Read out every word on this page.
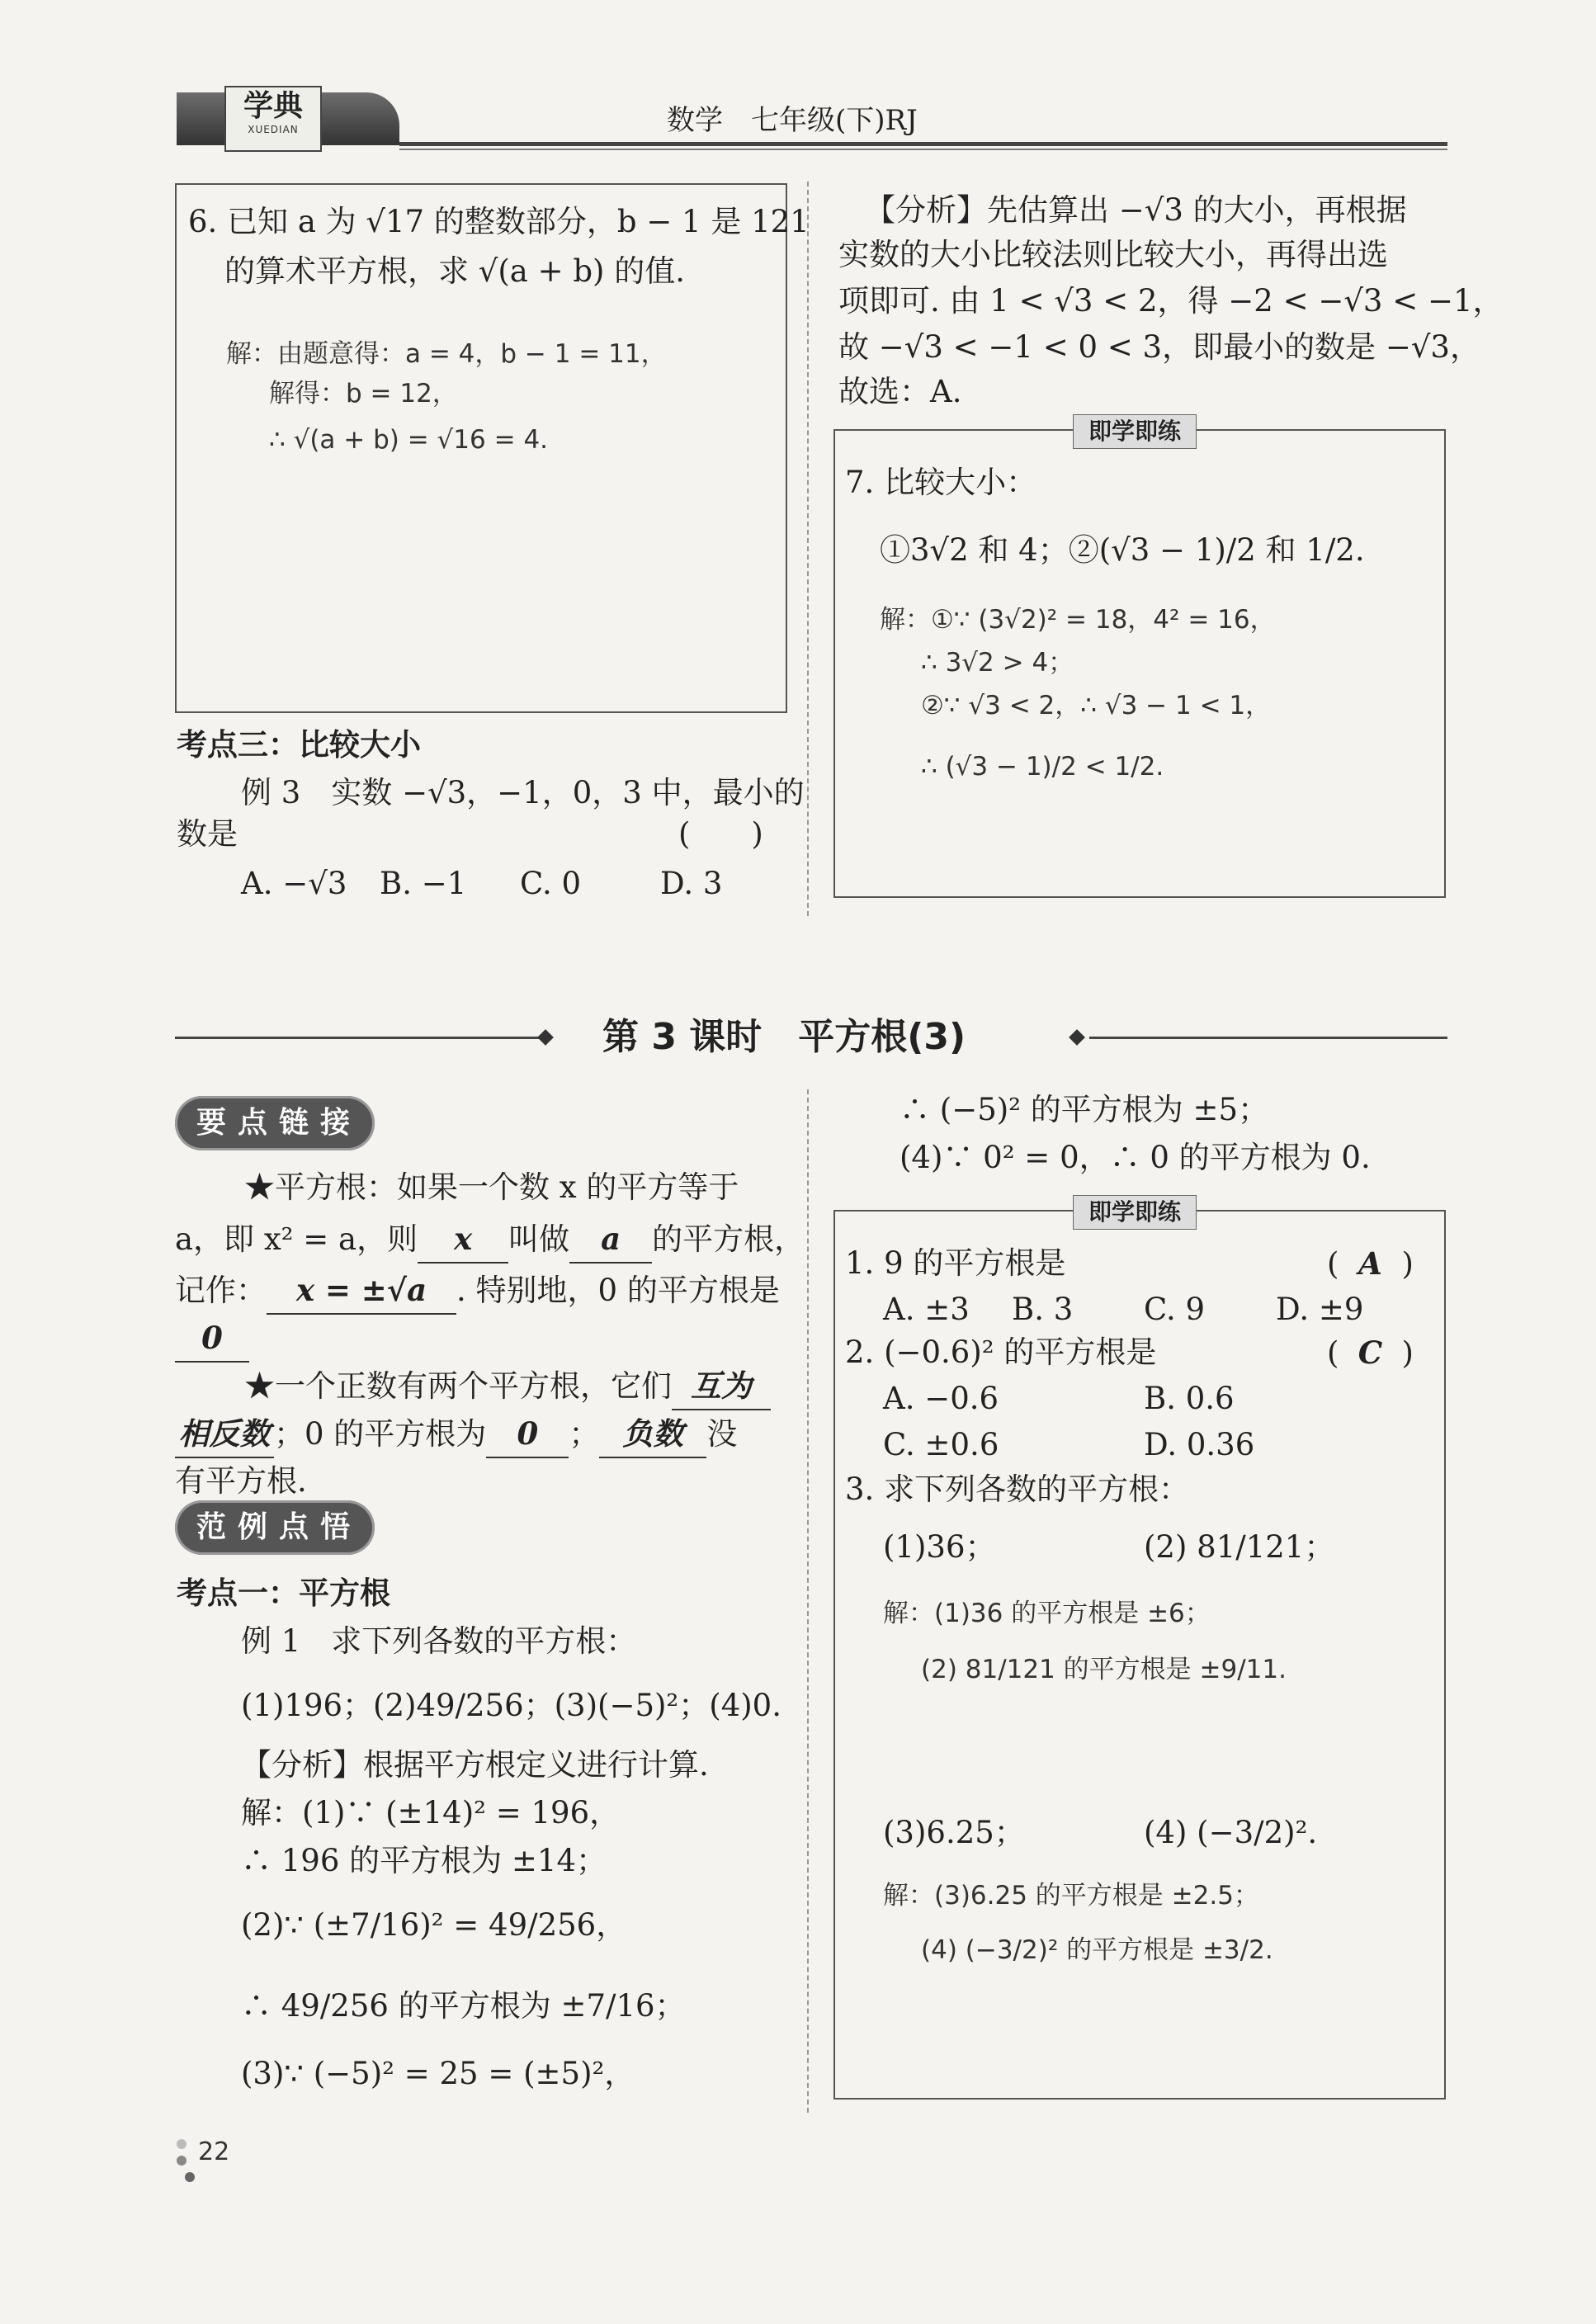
学典
XUEDIAN	数学　七年级(下)RJ
6. 已知 a 为 √17 的整数部分，b − 1 是 121
的算术平方根，求 √(a + b) 的值.
解：由题意得：a = 4，b − 1 = 11，
解得：b = 12，
∴ √(a + b) = √16 = 4.
考点三：比较大小
例 3　实数 −√3，−1，0，3 中，最小的
数是	(　　)
A. −√3 B. −1 C. 0	D. 3
【分析】先估算出 −√3 的大小，再根据
实数的大小比较法则比较大小，再得出选
项即可. 由 1 < √3 < 2，得 −2 < −√3 < −1，
故 −√3 < −1 < 0 < 3，即最小的数是 −√3，
故选：A.
即学即练
7. 比较大小：
①3√2 和 4；②(√3 − 1)/2 和 1/2.
解：①∵ (3√2)² = 18，4² = 16，
∴ 3√2 > 4；
②∵ √3 < 2，∴ √3 − 1 < 1，
∴ (√3 − 1)/2 < 1/2.
第 3 课时　平方根(3)
要点链接
★平方根：如果一个数 x 的平方等于
a，即 x² = a，则 x 叫做 a 的平方根，
记作： x = ±√a . 特别地，0 的平方根是
0
★一个正数有两个平方根，它们 互为
相反数 ；0 的平方根为 0 ； 负数 没
有平方根.
范例点悟
考点一：平方根
例 1　求下列各数的平方根：
(1)196；(2)49/256；(3)(−5)²；(4)0.
【分析】根据平方根定义进行计算.
解：(1)∵ (±14)² = 196，
∴ 196 的平方根为 ±14；
(2)∵ (±7/16)² = 49/256，
∴ 49/256 的平方根为 ±7/16；
(3)∵ (−5)² = 25 = (±5)²，
∴ (−5)² 的平方根为 ±5；
(4)∵ 0² = 0，∴ 0 的平方根为 0.
即学即练
1. 9 的平方根是	( A )
A. ±3 B. 3 C. 9 D. ±9
2. (−0.6)² 的平方根是	( C )
A. −0.6	B. 0.6
C. ±0.6	D. 0.36
3. 求下列各数的平方根：
(1)36；	(2) 81/121；
解：(1)36 的平方根是 ±6；
(2) 81/121 的平方根是 ±9/11.
(3)6.25；	(4) (−3/2)².
解：(3)6.25 的平方根是 ±2.5；
(4) (−3/2)² 的平方根是 ±3/2.
22
